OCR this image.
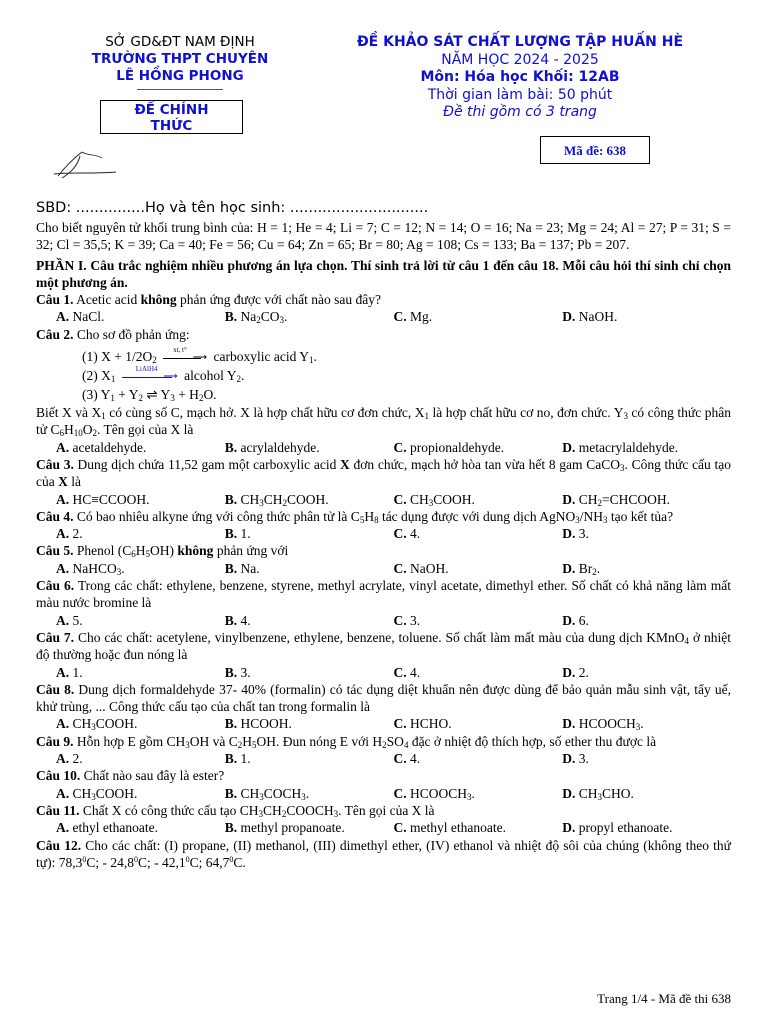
SỞ GD&ĐT NAM ĐỊNH
TRƯỜNG THPT CHUYÊN
LÊ HỒNG PHONG
ĐỀ CHÍNH
THỨC
ĐỀ KHẢO SÁT CHẤT LƯỢNG TẬP HUẤN HÈ
NĂM HỌC 2024 - 2025
Môn: Hóa học Khối: 12AB
Thời gian làm bài: 50 phút
Đề thi gồm có 3 trang
Mã đề: 638
SBD: ...............Họ và tên học sinh: ..............................

Cho biết nguyên tử khối trung bình của: H = 1; He = 4; Li = 7; C = 12; N = 14; O = 16; Na = 23; Mg = 24; Al = 27; P = 31; S = 32; Cl = 35,5; K = 39; Ca = 40; Fe = 56; Cu = 64; Zn = 65; Br = 80; Ag = 108; Cs = 133; Ba = 137; Pb = 207.

PHẦN I. Câu trắc nghiệm nhiều phương án lựa chọn. Thí sinh trả lời từ câu 1 đến câu 18. Mỗi câu hỏi thí sinh chỉ chọn một phương án.

Câu 1. Acetic acid không phản ứng được với chất nào sau đây?

A. NaCl.	B. $Na_2CO_3$.	C. Mg.	D. NaOH.

Câu 2. Cho sơ đồ phản ứng:

(1) $X + 1/2O_2$
xt, t°
⟶ carboxylic acid $Y_1$.
(2) $X_1$
LiAlH4
⟶ alcohol $Y_2$.
(3) $Y_1 + Y_2$ ⇌ $Y_3 + H_2O$.

Biết X và $X_1$ có cùng số C, mạch hở. X là hợp chất hữu cơ đơn chức, $X_1$ là hợp chất hữu cơ no, đơn chức. $Y_3$ có công thức phân tử $C_6H_{10}O_2$. Tên gọi của X là

A. acetaldehyde.	B. acrylaldehyde.	C. propionaldehyde.	D. metacrylaldehyde.

Câu 3. Dung dịch chứa 11,52 gam một carboxylic acid X đơn chức, mạch hở hòa tan vừa hết 8 gam CaCO$_3$. Công thức cấu tạo của X là

A. HC≡CCOOH.	B. $CH_3CH_2COOH$.	C. $CH_3COOH$.	D. $CH_2=CHCOOH$.

Câu 4. Có bao nhiêu alkyne ứng với công thức phân tử là $C_5H_8$ tác dụng được với dung dịch $AgNO_3/NH_3$ tạo kết tủa?

A. 2.	B. 1.	C. 4.	D. 3.

Câu 5. Phenol $(C_6H_5OH)$ không phản ứng với

A. NaHCO$_3$.	B. Na.	C. NaOH.	D. $Br_2$.

Câu 6. Trong các chất: ethylene, benzene, styrene, methyl acrylate, vinyl acetate, dimethyl ether. Số chất có khả năng làm mất màu nước bromine là

A. 5.	B. 4.	C. 3.	D. 6.

Câu 7. Cho các chất: acetylene, vinylbenzene, ethylene, benzene, toluene. Số chất làm mất màu của dung dịch KMnO$_4$ ở nhiệt độ thường hoặc đun nóng là

A. 1.	B. 3.	C. 4.	D. 2.

Câu 8. Dung dịch formaldehyde 37- 40% (formalin) có tác dụng diệt khuẩn nên được dùng để bảo quản mẫu sinh vật, tẩy uế, khử trùng, ... Công thức cấu tạo của chất tan trong formalin là

A. $CH_3COOH$.	B. HCOOH.	C. HCHO.	D. $HCOOCH_3$.

Câu 9. Hỗn hợp E gồm $CH_3OH$ và $C_2H_5OH$. Đun nóng E với $H_2SO_4$ đặc ở nhiệt độ thích hợp, số ether thu được là

A. 2.	B. 1.	C. 4.	D. 3.

Câu 10. Chất nào sau đây là ester?

A. $CH_3COOH$.	B. $CH_3COCH_3$.	C. $HCOOCH_3$.	D. $CH_3CHO$.

Câu 11. Chất X có công thức cấu tạo $CH_3CH_2COOCH_3$. Tên gọi của X là

A. ethyl ethanoate.	B. methyl propanoate.	C. methyl ethanoate.	D. propyl ethanoate.

Câu 12. Cho các chất: (I) propane, (II) methanol, (III) dimethyl ether, (IV) ethanol và nhiệt độ sôi của chúng (không theo thứ tự): 78,3$^0$C; - 24,8$^0$C; - 42,1$^0$C; 64,7$^0$C.

Trang 1/4 - Mã đề thi 638
